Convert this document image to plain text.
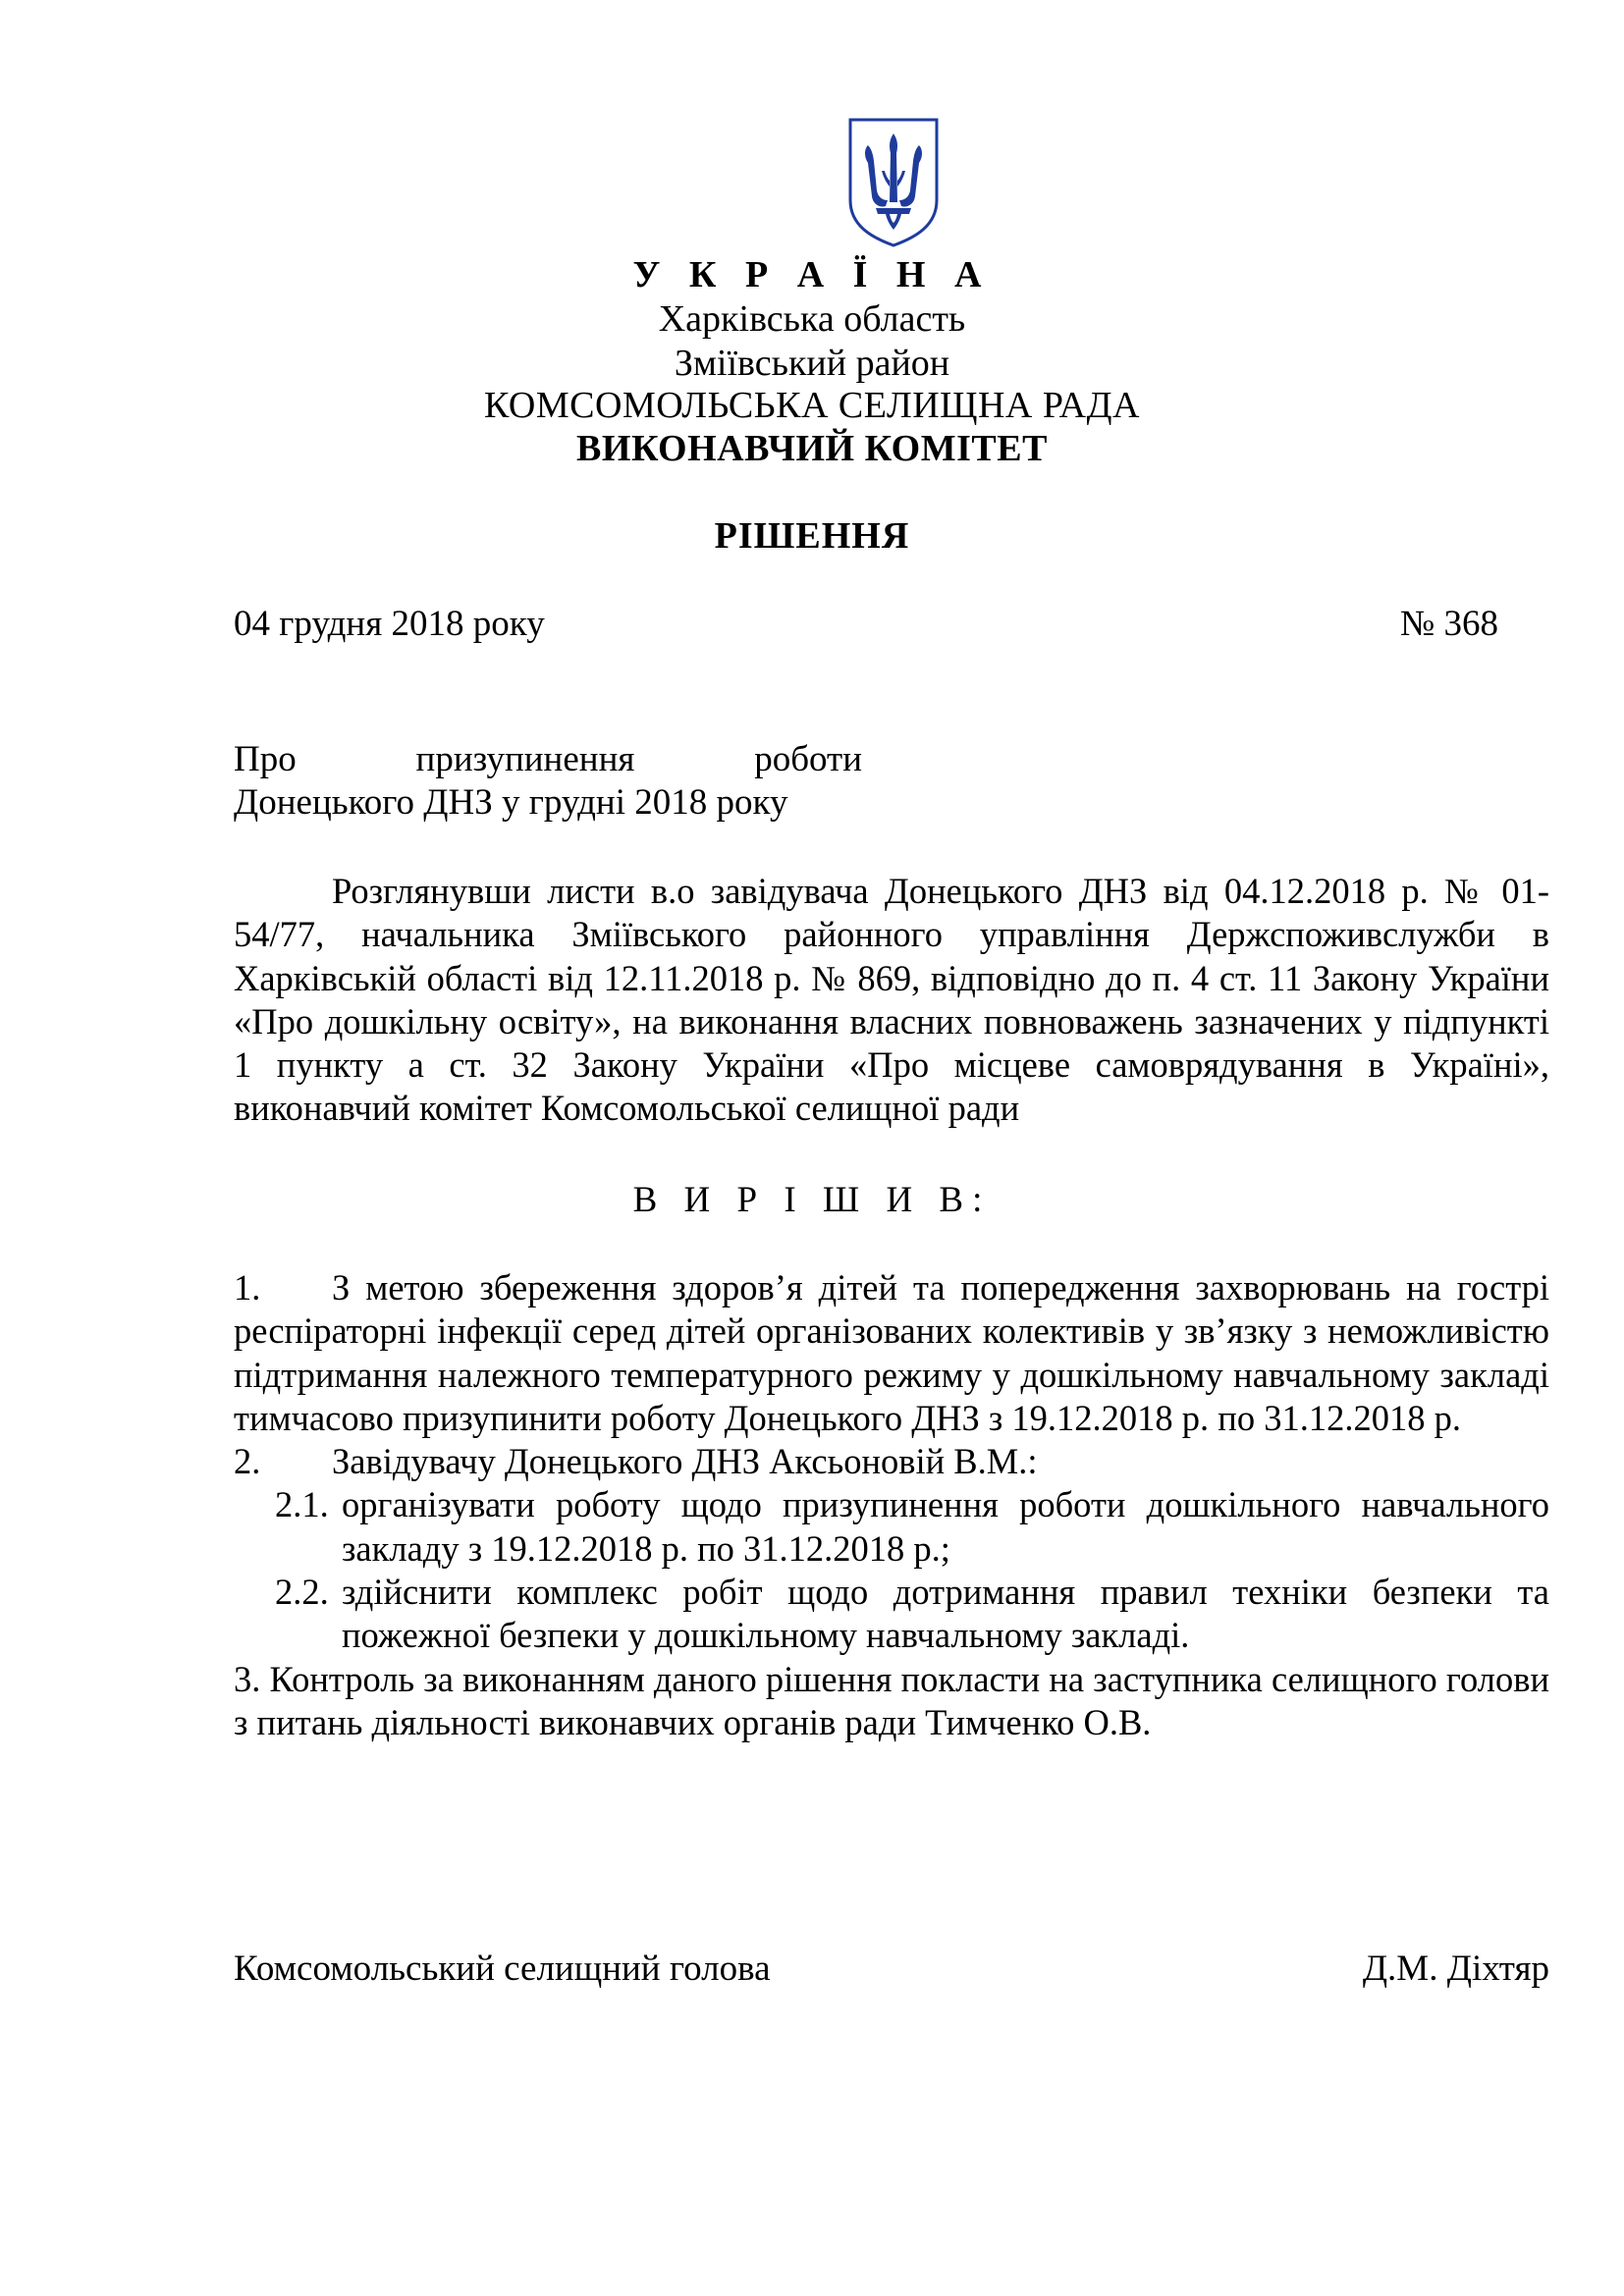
У К Р А Ї Н А
Харківська область
Зміївський район
КОМСОМОЛЬСЬКА СЕЛИЩНА РАДА
ВИКОНАВЧИЙ КОМІТЕТ
РІШЕННЯ
04 грудня 2018 року	№ 368
Про	призупинення	роботи
Донецького ДНЗ у грудні 2018 року

Розглянувши листи в.о завідувача Донецького ДНЗ від 04.12.2018 р. № 01-54/77, начальника Зміївського районного управління Держспоживслужби в Харківській області від 12.11.2018 р. № 869, відповідно до п. 4 ст. 11 Закону України «Про дошкільну освіту», на виконання власних повноважень зазначених у підпункті 1 пункту а ст. 32 Закону України «Про місцеве самоврядування в Україні», виконавчий комітет Комсомольської селищної ради

В И Р І Ш И В:

1. З метою збереження здоров’я дітей та попередження захворювань на гострі респіраторні інфекції серед дітей організованих колективів у зв’язку з неможливістю підтримання належного температурного режиму у дошкільному навчальному закладі тимчасово призупинити роботу Донецького ДНЗ з 19.12.2018 р. по 31.12.2018 р.

2. Завідувачу Донецького ДНЗ Аксьоновій В.М.:

2.1. організувати роботу щодо призупинення роботи дошкільного навчального закладу з 19.12.2018 р. по 31.12.2018 р.;
2.2. здійснити комплекс робіт щодо дотримання правил техніки безпеки та пожежної безпеки у дошкільному навчальному закладі.

3. Контроль за виконанням даного рішення покласти на заступника селищного голови з питань діяльності виконавчих органів ради Тимченко О.В.

Комсомольський селищний голова	Д.М. Діхтяр
